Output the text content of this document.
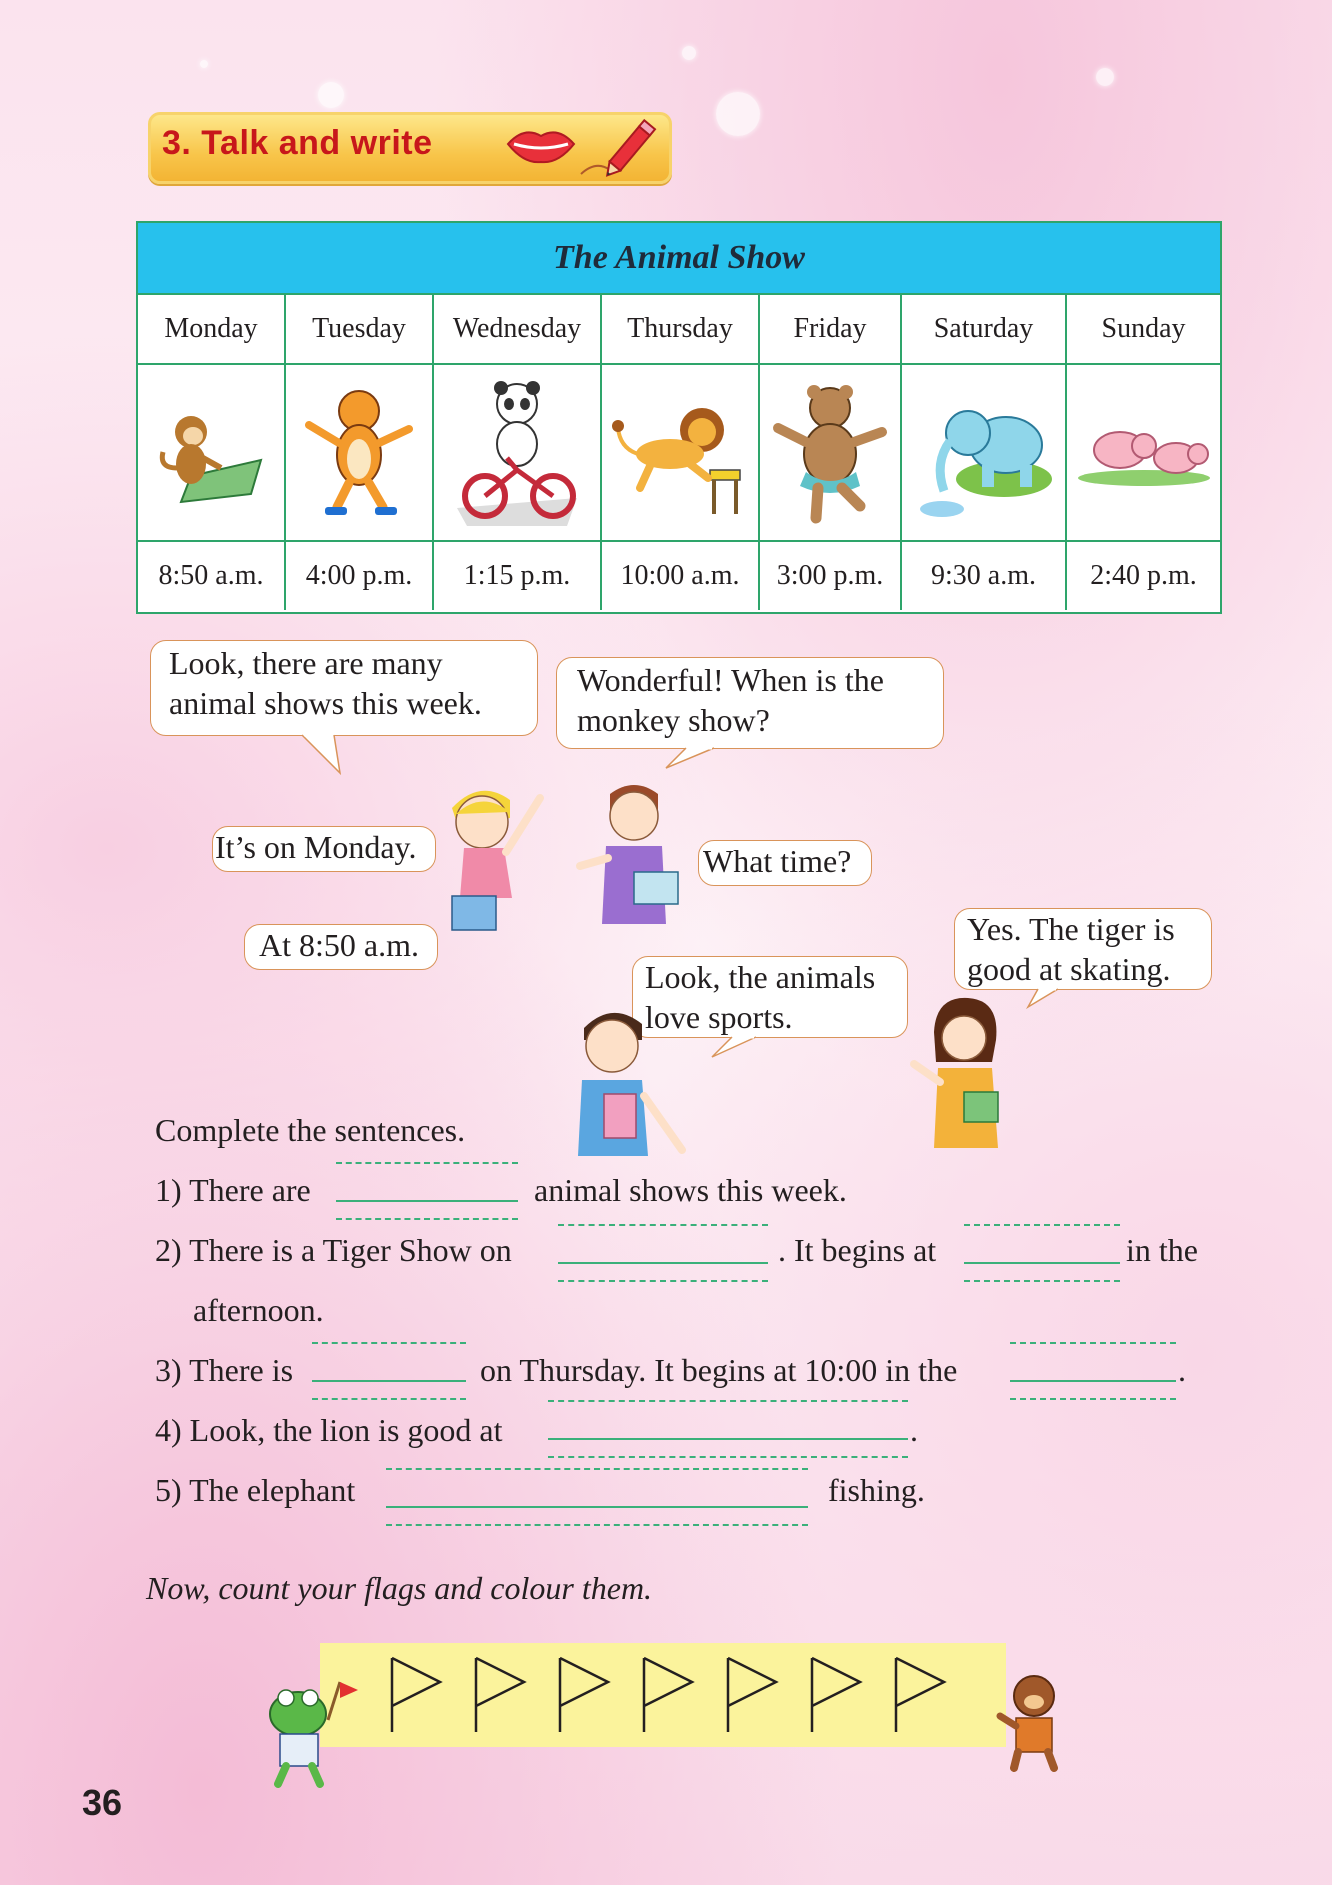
3. Talk and write
The Animal Show
Monday	Tuesday	Wednesday	Thursday	Friday	Saturday	Sunday
8:50 a.m.	4:00 p.m.	1:15 p.m.	10:00 a.m.	3:00 p.m.	9:30 a.m.	2:40 p.m.
Look, there are many
animal shows this week.
Wonderful! When is the
monkey show?
It’s on Monday.	What time?
At 8:50 a.m.	Yes. The tiger is
good at skating.
Look, the animals
love sports.
Complete the sentences.
1) There are	animal shows this week.
2) There is a Tiger Show on	. It begins at	in the
afternoon.
3) There is	on Thursday. It begins at 10:00 in the	.
4) Look, the lion is good at	.
5) The elephant	fishing.
Now, count your flags and colour them.
36
